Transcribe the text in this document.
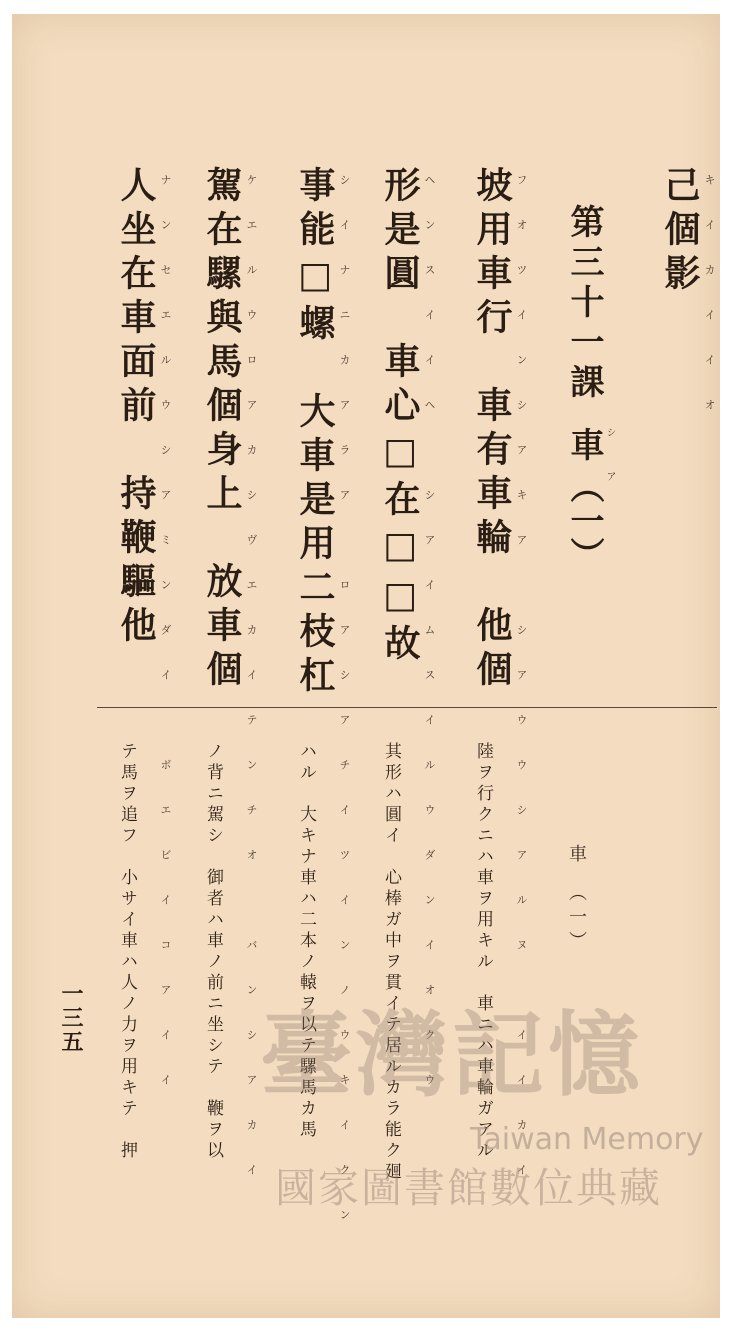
己個影 キイカイイオ
第三十一課
車 シア
（一）
坡用車行　車有車輪　他個 フオツインシアキア　シアウウシアルヌ　イイカイ
形是圓　車心□在□□故 ヘンスイイヘ　シアイムスイルウダンイオクウ
事能□螺　大車是用二枝杠 シイナニカアラア　ロアシアチイツインノウキイクン
駕在騾與馬個身上　放車個 ケエルウロアカシヴエカイテンチオ　バンシアカイ
人坐在車面前　持鞭驅他 ナンセエルウシアミンダイ　ボエビイコアイイ	車　（一）
陸ヲ行クニハ車ヲ用キル　車ニハ車輪ガアル
其形ハ圓イ　心棒ガ中ヲ貫イテ居ルカラ能ク廻
ハル　大キナ車ハ二本ノ轅ヲ以テ騾馬カ馬
ノ背ニ駕シ　御者ハ車ノ前ニ坐シテ　鞭ヲ以
テ馬ヲ追フ　小サイ車ハ人ノ力ヲ用キテ　押
一三五 臺灣記憶
Taiwan Memory
國家圖書館數位典藏
